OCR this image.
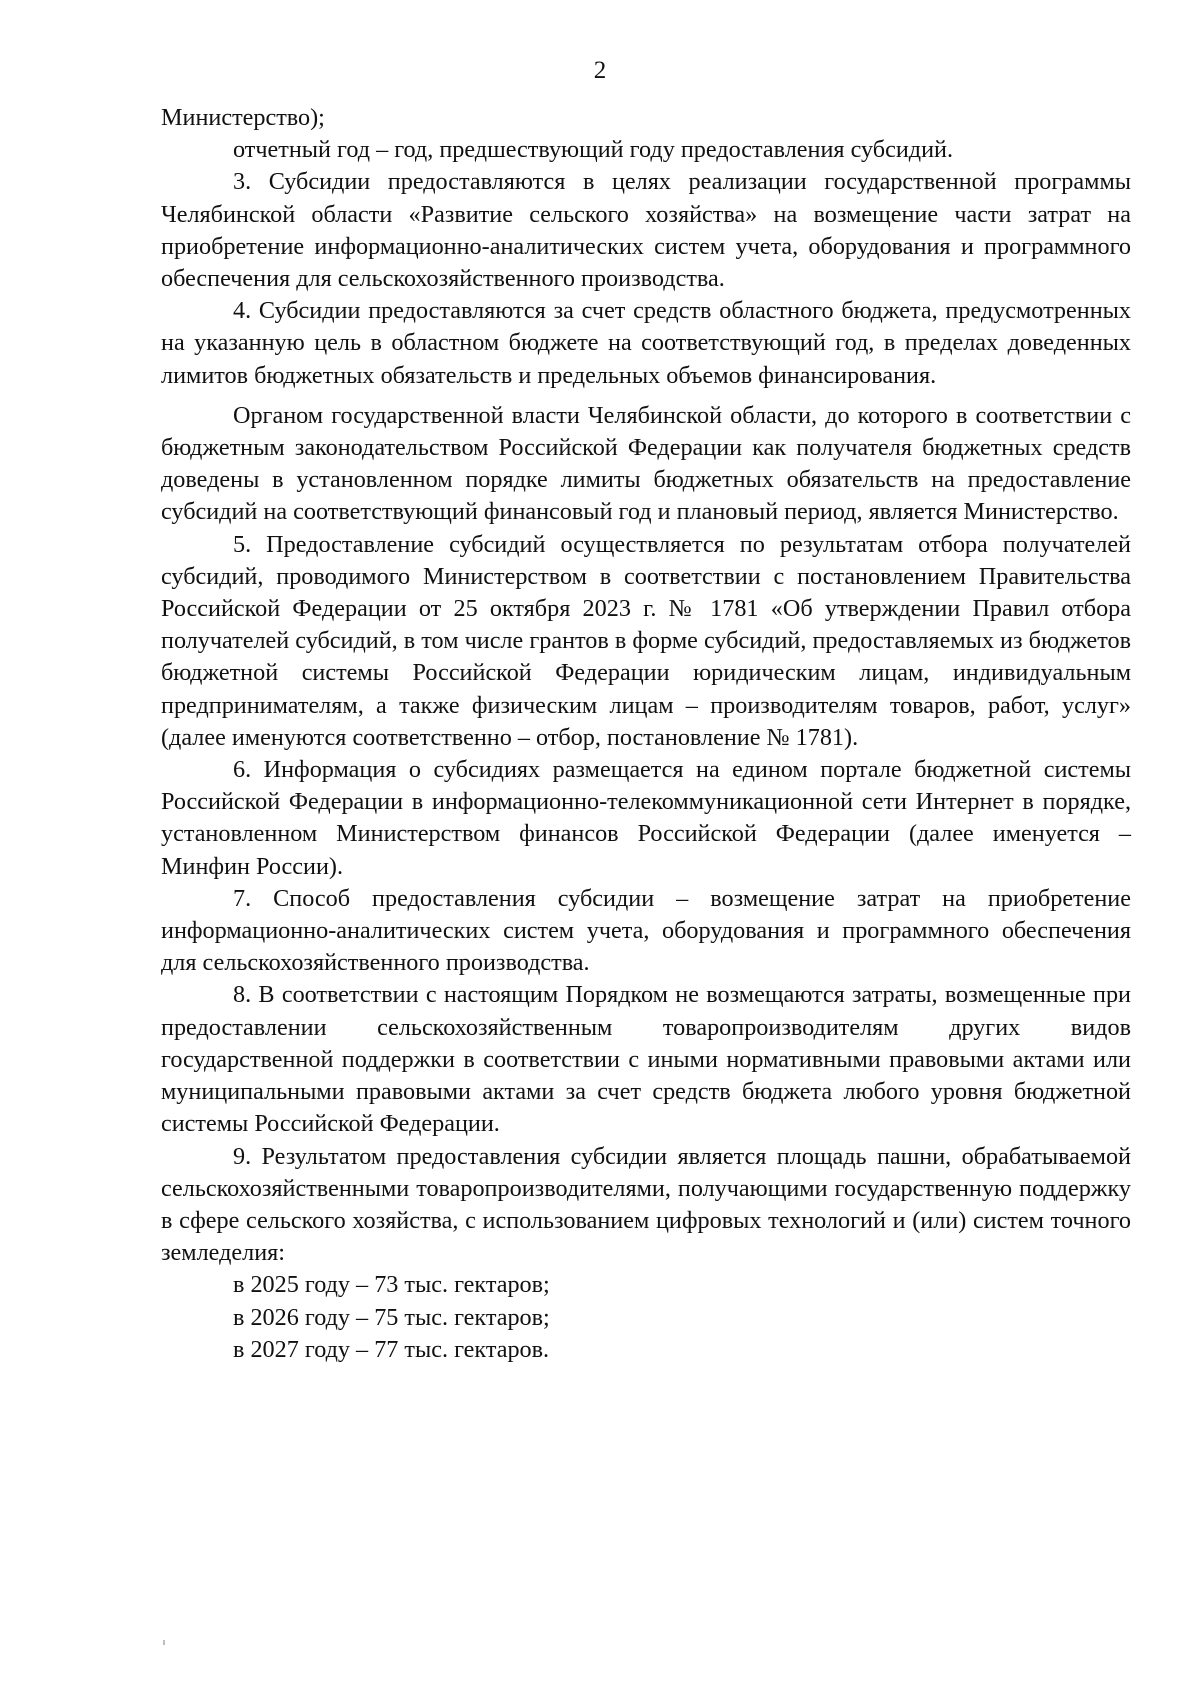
2

Министерство);

отчетный год – год, предшествующий году предоставления субсидий.

3. Субсидии предоставляются в целях реализации государственной программы Челябинской области «Развитие сельского хозяйства» на возмещение части затрат на приобретение информационно-аналитических систем учета, оборудования и программного обеспечения для сельскохозяйственного производства.

4. Субсидии предоставляются за счет средств областного бюджета, предусмотренных на указанную цель в областном бюджете на соответствующий год, в пределах доведенных лимитов бюджетных обязательств и предельных объемов финансирования.

Органом государственной власти Челябинской области, до которого в соответствии с бюджетным законодательством Российской Федерации как получателя бюджетных средств доведены в установленном порядке лимиты бюджетных обязательств на предоставление субсидий на соответствующий финансовый год и плановый период, является Министерство.

5. Предоставление субсидий осуществляется по результатам отбора получателей субсидий, проводимого Министерством в соответствии с постановлением Правительства Российской Федерации от 25 октября 2023 г. № 1781 «Об утверждении Правил отбора получателей субсидий, в том числе грантов в форме субсидий, предоставляемых из бюджетов бюджетной системы Российской Федерации юридическим лицам, индивидуальным предпринимателям, а также физическим лицам – производителям товаров, работ, услуг» (далее именуются соответственно – отбор, постановление № 1781).

6. Информация о субсидиях размещается на едином портале бюджетной системы Российской Федерации в информационно-телекоммуникационной сети Интернет в порядке, установленном Министерством финансов Российской Федерации (далее именуется – Минфин России).

7. Способ предоставления субсидии – возмещение затрат на приобретение информационно-аналитических систем учета, оборудования и программного обеспечения для сельскохозяйственного производства.

8. В соответствии с настоящим Порядком не возмещаются затраты, возмещенные при предоставлении сельскохозяйственным товаропроизводителям других видов государственной поддержки в соответствии с иными нормативными правовыми актами или муниципальными правовыми актами за счет средств бюджета любого уровня бюджетной системы Российской Федерации.

9. Результатом предоставления субсидии является площадь пашни, обрабатываемой сельскохозяйственными товаропроизводителями, получающими государственную поддержку в сфере сельского хозяйства, с использованием цифровых технологий и (или) систем точного земледелия:

в 2025 году – 73 тыс. гектаров;

в 2026 году – 75 тыс. гектаров;

в 2027 году – 77 тыс. гектаров.
